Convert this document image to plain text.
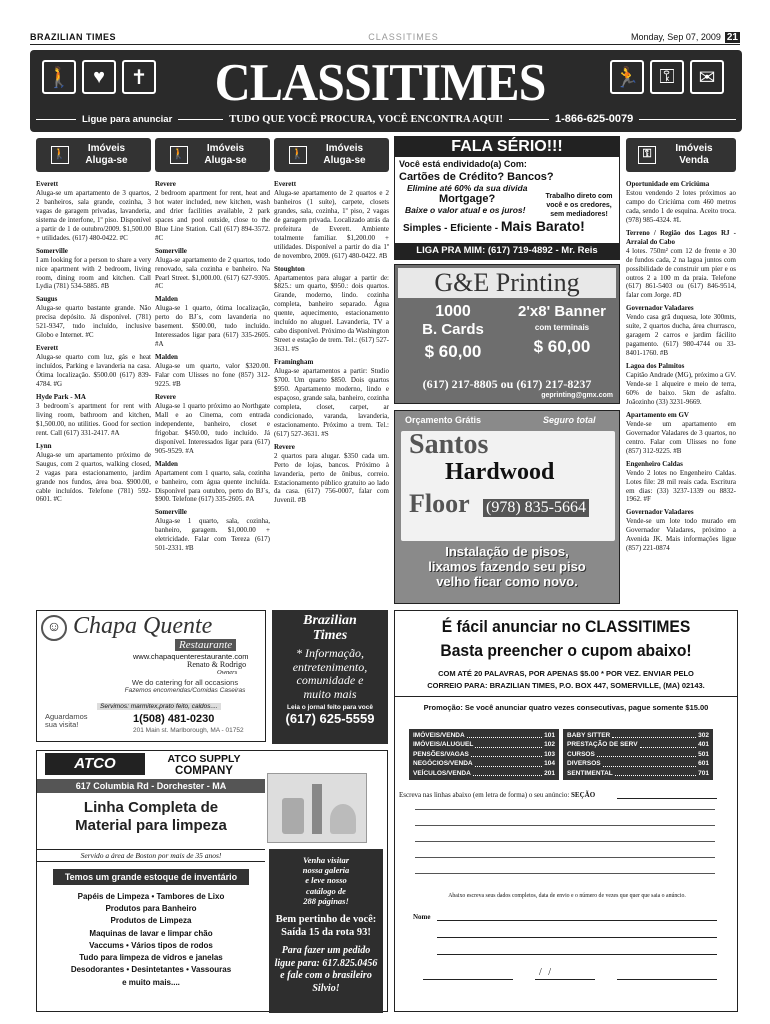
BRAZILIAN TIMES	CLASSITIMES	Monday, Sep 07, 2009 21
🚶	♥	✝	🏃 ⚿	✉
CLASSITIMES
Ligue para anunciar	TUDO QUE VOCÊ PROCURA, VOCÊ ENCONTRA AQUI!	1-866-625-0079
🚶	Imóveis Aluga-se
🚶	Imóveis Aluga-se
🚶	Imóveis Aluga-se
⚿	Imóveis Venda
Everett

Aluga-se um apartamento de 3 quartos, 2 banheiros, sala grande, cozinha, 3 vagas de garagem privadas, lavanderia, sistema de interfone, 1º piso. Disponível a partir de 1 de outubro/2009. $1,500.00 + utilidades. (617) 480-0422. #C

Somerville

I am looking for a person to share a very nice apartment with 2 bedroom, living room, dining room and kitchen. Call Lydia (781) 534-5885. #B

Saugus

Aluga-se quarto bastante grande. Não precisa depósito. Já disponível. (781) 521-9347, tudo incluído, inclusive Globo e Internet. #C

Everett

Aluga-se quarto com luz, gás e heat incluídos, Parking e lavanderia na casa. Ótima localização. $500.00 (617) 839-4784. #G

Hyde Park - MA

3 bedroom´s apartment for rent with living room, bathroom and kitchen, $1,500.00, no utilities. Good for section rent. Call (617) 331-2417. #A

Lynn

Aluga-se um apartamento próximo de Saugus, com 2 quartos, walking closed, 2 vagas para estacionamento, jardim grande nos fundos, área boa. $900.00, cable incluídos. Telefone (781) 592-0601. #C

Revere

2 bedroom apartment for rent, heat and hot water included, new kitchen, wash and drier facilities available, 2 park spaces and pool outside, close to the Blue Line Station. Call (617) 894-3572. #C

Somerville

Aluga-se apartamento de 2 quartos, todo renovado, sala cozinha e banheiro. Na Pearl Street. $1,000.00. (617) 627-9305. #C

Malden

Aluga-se 1 quarto, ótima localização, perto do BJ´s, com lavanderia no basement. $500.00, tudo incluído. Interessados ligar para (617) 335-2605. #A

Malden

Aluga-se um quarto, valor $320.00. Falar com Ulisses no fone (857) 312-9225. #B

Revere

Aluga-se 1 quarto próximo ao Northgate Mall e ao Cinema, com entrada independente, banheiro, closet e frigobar. $450.00, tudo incluído. Já disponível. Interessados ligar para (617) 905-9529. #A

Malden

Apartament com 1 quarto, sala, cozinha e banheiro, com água quente incluída. Disponível para outubro, perto do BJ´s, $900. Telefone (617) 335-2605. #A

Somerville

Aluga-se 1 quarto, sala, cozinha, banheiro, garagem. $1,000.00 + eletricidade. Falar com Tereza (617) 501-2331. #B

Everett

Aluga-se apartamento de 2 quartos e 2 banheiros (1 suíte), carpete, closets grandes, sala, cozinha, 1º piso, 2 vagas de garagem privada. Localizado atrás da prefeitura de Everett. Ambiente totalmente familiar. $1,200.00 + utilidades. Disponível a partir do dia 1º de novembro, 2009. (617) 480-0422. #B

Stoughton

Apartamentos para alugar a partir de: $825.: um quarto, $950.: dois quartos. Grande, moderno, lindo. cozinha completa, banheiro separado. Água quente, aquecimento, estacionamento incluído no aluguel. Lavanderia, TV a cabo disponível. Próximo da Washington Street e estação de trem. Tel.: (617) 527-3631. #S

Framingham

Aluga-se apartamentos a partir: Studio $700. Um quarto $850. Dois quartos $950. Apartamento moderno, lindo e espaçoso, grande sala, banheiro, cozinha completa, closet, carpet, ar condicionado, varanda, lavanderia, estacionamento. Próximo a trem. Tel.: (617) 527-3631. #S

Revere

2 quartos para alugar. $350 cada um. Perto de lojas, bancos. Próximo à lavanderia, perto de ônibus, correio. Estacionamento público gratuito ao lado da casa. (617) 756-0007, falar com Juvenil. #B

Oportunidade em Criciúma

Estou vendendo 2 lotes próximos ao campo do Criciúma com 460 metros cada, sendo 1 de esquina. Aceito troca. (978) 985-4324. #L

Terreno / Região dos Lagos RJ - Arraial do Cabo

4 lotes. 750m² com 12 de frente e 30 de fundos cada, 2 na lagoa juntos com possibilidade de construir um píer e os outros 2 a 100 m da praia. Telefone (617) 861-5403 ou (617) 846-9514, falar com Jorge. #D

Governador Valadares

Vendo casa grã duquesa, lote 300mts, suíte, 2 quartos ducha, área churrasco, garagem 2 carros e jardim fácilito pagamento. (617) 980-4744 ou 33-8401-1760. #B

Lagoa dos Palmitos

Capitão Andrade (MG), próximo a GV. Vende-se 1 alqueire e meio de terra, 60% de baixo. 5km de asfalto. Joãozinho (33) 3231-9669.

Apartamento em GV

Vende-se um apartamento em Governador Valadares de 3 quartos, no centro. Falar com Ulisses no fone (857) 312-9225. #B

Engenheiro Caldas

Vendo 2 lotes no Engenheiro Caldas. Lotes file: 28 mil reais cada. Escritura em dias: (33) 3237-1339 ou 8832-1962. #F

Governador Valadares

Vende-se um lote todo murado em Governador Valadares, próximo a Avenida JK. Mais informações ligue (857) 221-0874

FALA SÉRIO!!!
Você está endividado(a) Com:
Cartões de Crédito? Bancos?
Elimine até 60% da sua dívida
Mortgage?
Baixe o valor atual e os juros!
Trabalho direto com
você e os credores,
sem mediadores!
Simples - Eficiente - Mais Barato!
LIGA PRA MIM: (617) 719-4892 - Mr. Reis
G&E Printing
1000
B. Cards
$ 60,00
2'x8' Banner
com terminais
$ 60,00
(617) 217-8805 ou (617) 217-8237
geprinting@gmx.com
Orçamento Grátis	Seguro total
Santos
Hardwood
Floor (978) 835-5664
Instalação de pisos,
lixamos fazendo seu piso
velho ficar como novo.
☺ Chapa Quente
Restaurante
www.chapaquenterestaurante.com
Renato & Rodrigo
Owners
We do catering for all occasions
Fazemos encomendas/Comidas Caseiras
Servimos: marmitex,prato feito, caldos....
Aguardamos sua visita!	1(508) 481-0230
201 Main st. Marlborough, MA - 01752
Brazilian
Times
* Informação,
entretenimento,
comunidade e
muito mais
Leia o jornal feito para você
(617) 625-5559
ATCO	ATCO SUPPLY
COMPANY
617 Columbia Rd - Dorchester - MA
Linha Completa de
Material para limpeza
Servido a área de Boston por mais de 35 anos!
Temos um grande estoque de inventário
Papéis de Limpeza • Tambores de Lixo
Produtos para Banheiro
Produtos de Limpeza
Maquinas de lavar e limpar chão
Vaccums • Vários tipos de rodos
Tudo para limpeza de vidros e janelas
Desodorantes • Desintetantes • Vassouras
e muito mais....
Venha visitar
nossa galeria
e leve nosso
catálogo de
288 páginas!
Bem pertinho de você:
Saída 15 da rota 93!
Para fazer um pedido
ligue para: 617.825.0456
e fale com o brasileiro Silvio!
É fácil anunciar no CLASSITIMES
Basta preencher o cupom abaixo!
COM ATÉ 20 PALAVRAS, POR APENAS $5.00 * POR VEZ. ENVIAR PELO
CORREIO PARA: BRAZILIAN TIMES, P.O. BOX 447, SOMERVILLE, (MA) 02143.
Promoção: Se você anunciar quatro vezes consecutivas, pague somente $15.00
IMÓVEIS/VENDA	101
IMÓVEIS/ALUGUEL	102
PENSÕES/VAGAS	103
NEGÓCIOS/VENDA	104
VEÍCULOS/VENDA	201
BABY SITTER	302
PRESTAÇÃO DE SERV	401
CURSOS	501
DIVERSOS	601
SENTIMENTAL	701
Escreva nas linhas abaixo (em letra de forma) o seu anúncio: SEÇÃO
Abaixo escreva seus dados completos, data de envio e o número de vezes que quer que saia o anúncio.
Nome
/ /
